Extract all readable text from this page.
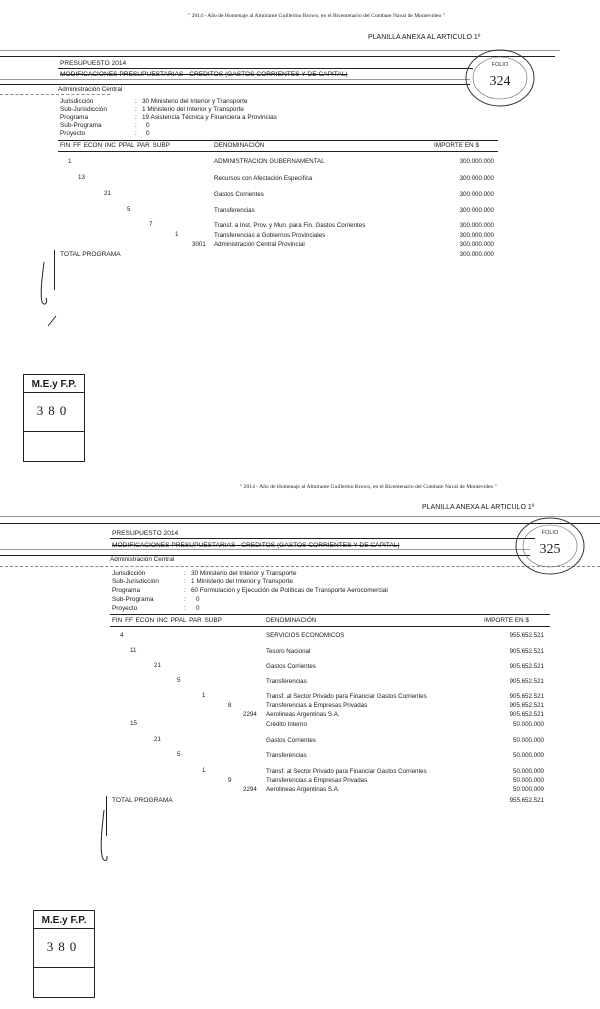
" 2014 - Año de Homenaje al Almirante Guillermo Brown, en el Bicentenario del Combate Naval de Montevideo "
PLANILLA ANEXA AL ARTICULO 1º
PRESUPUESTO 2014
MODIFICACIONES PRESUPUESTARIAS - CREDITOS (GASTOS CORRIENTES Y DE CAPITAL)
Administración Central
FOLIO
324
Jurisdicción	: 30 Ministerio del Interior y Transporte
Sub-Jurisdicción	: 1 Ministerio del Interior y Transporte
Programa	: 19 Asistencia Técnica y Financiera a Provincias
Sub-Programa	: 0
Proyecto	: 0
FIN FF ECON INC PPAL PAR SUBP	DENOMINACIÓN	IMPORTE EN $
1	ADMINISTRACION GUBERNAMENTAL	300.000.000
13	Recursos con Afectación Específica	300.000.000
21	Gastos Corrientes	300.000.000
5	Transferencias	300.000.000
7	Transf. a Inst. Prov. y Mun. para Fin. Gastos Corrientes	300.000.000
1	Transferencias a Gobiernos Provinciales	300.000.000
3001 Administración Central Provincial	300.000.000
TOTAL PROGRAMA	300.000.000
M.E.y F.P.
380
" 2014 - Año de Homenaje al Almirante Guillermo Brown, en el Bicentenario del Combate Naval de Montevideo "
PLANILLA ANEXA AL ARTICULO 1º
PRESUPUESTO 2014
MODIFICACIONES PRESUPUESTARIAS - CREDITOS (GASTOS CORRIENTES Y DE CAPITAL)
Administración Central
FOLIO
325
Jurisdicción	: 30 Ministerio del Interior y Transporte
Sub-Jurisdicción	: 1 Ministerio del Interior y Transporte
Programa	: 60 Formulación y Ejecución de Políticas de Transporte Aerocomercial
Sub-Programa	: 0
Proyecto	: 0
FIN FF ECON INC PPAL PAR SUBP	DENOMINACIÓN	IMPORTE EN $
4	SERVICIOS ECONOMICOS	955.652.521
11	Tesoro Nacional	905.652.521
21	Gastos Corrientes	905.652.521
5	Transferencias	905.652.521
1	Transf. al Sector Privado para Financiar Gastos Corrientes	905.652.521
8	Transferencias a Empresas Privadas	905.652.521
2294 Aerolineas Argentinas S.A.	905.652.521
15	Crédito Interno	50.000.000
21	Gastos Corrientes	50.000.000
5	Transferencias	50.000.000
1	Transf. al Sector Privado para Financiar Gastos Corrientes	50.000.000
9	Transferencias a Empresas Privadas	50.000.000
2294 Aerolineas Argentinas S.A.	50.000.000
TOTAL PROGRAMA	955.652.521
M.E.y F.P.
380
